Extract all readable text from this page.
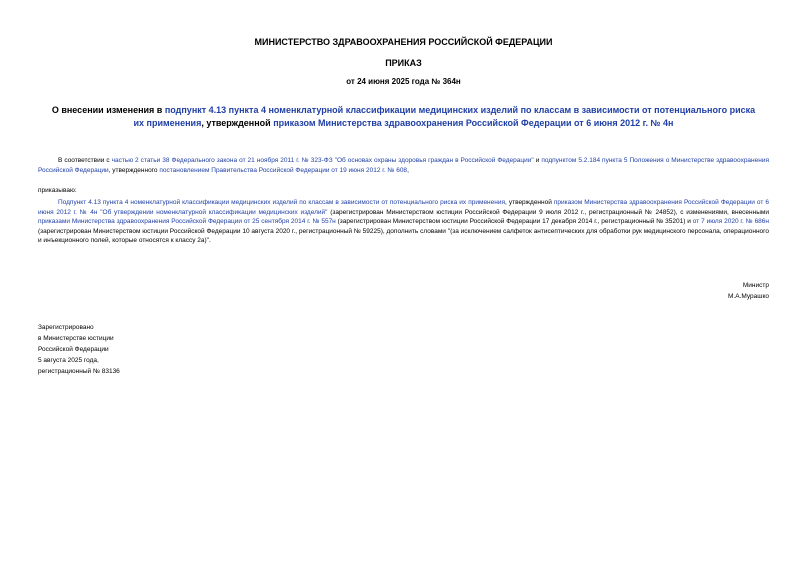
МИНИСТЕРСТВО ЗДРАВООХРАНЕНИЯ РОССИЙСКОЙ ФЕДЕРАЦИИ
ПРИКАЗ
от 24 июня 2025 года № 364н
О внесении изменения в подпункт 4.13 пункта 4 номенклатурной классификации медицинских изделий по классам в зависимости от потенциального риска их применения, утвержденной приказом Министерства здравоохранения Российской Федерации от 6 июня 2012 г. № 4н
В соответствии с частью 2 статьи 38 Федерального закона от 21 ноября 2011 г. № 323-ФЗ "Об основах охраны здоровья граждан в Российской Федерации" и подпунктом 5.2.184 пункта 5 Положения о Министерстве здравоохранения Российской Федерации, утвержденного постановлением Правительства Российской Федерации от 19 июня 2012 г. № 608,
приказываю:
Подпункт 4.13 пункта 4 номенклатурной классификации медицинских изделий по классам в зависимости от потенциального риска их применения, утвержденной приказом Министерства здравоохранения Российской Федерации от 6 июня 2012 г. № 4н "Об утверждении номенклатурной классификации медицинских изделий" (зарегистрирован Министерством юстиции Российской Федерации 9 июля 2012 г., регистрационный № 24852), с изменениями, внесенными приказами Министерства здравоохранения Российской Федерации от 25 сентября 2014 г. № 557н (зарегистрирован Министерством юстиции Российской Федерации 17 декабря 2014 г., регистрационный № 35201) и от 7 июля 2020 г. № 686н (зарегистрирован Министерством юстиции Российской Федерации 10 августа 2020 г., регистрационный № 59225), дополнить словами "(за исключением салфеток антисептических для обработки рук медицинского персонала, операционного и инъекционного полей, которые относятся к классу 2а)".
Министр
М.А.Мурашко
Зарегистрировано
в Министерстве юстиции
Российской Федерации
5 августа 2025 года,
регистрационный № 83136
